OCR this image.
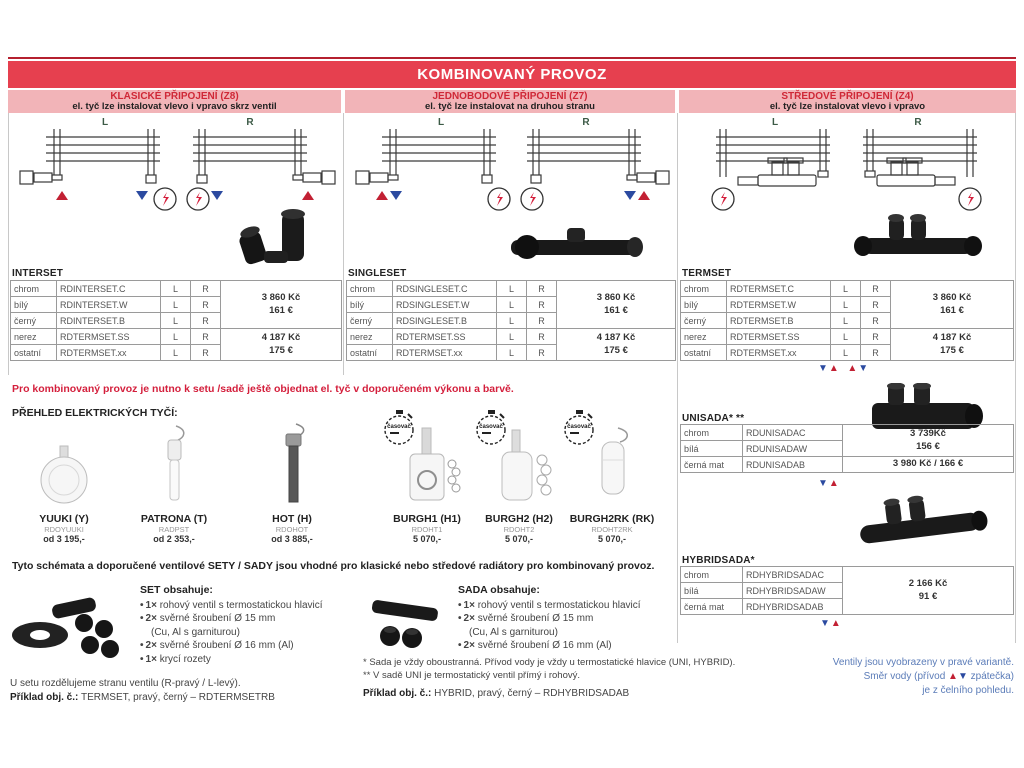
KOMBINOVANÝ PROVOZ
KLASICKÉ PŘIPOJENÍ (Z8)
el. tyč lze instalovat vlevo i vpravo skrz ventil
JEDNOBODOVÉ PŘIPOJENÍ (Z7)
el. tyč lze instalovat na druhou stranu
STŘEDOVÉ PŘIPOJENÍ (Z4)
el. tyč lze instalovat vlevo i vpravo
L	R	L	R	L	R
INTERSET
chrom	RDINTERSET.C	L	R	3 860 Kč
161 €

bílý	RDINTERSET.W	L	R	
černý	RDINTERSET.B	L	R	
nerez	RDTERMSET.SS	L	R	4 187 Kč
175 €

ostatní	RDTERMSET.xx	L	R	
SINGLESET
chrom	RDSINGLESET.C	L	R	3 860 Kč
161 €

bílý	RDSINGLESET.W	L	R	
černý	RDSINGLESET.B	L	R	
nerez	RDTERMSET.SS	L	R	4 187 Kč
175 €

ostatní	RDTERMSET.xx	L	R	
TERMSET
chrom	RDTERMSET.C	L	R	3 860 Kč
161 €

bílý	RDTERMSET.W	L	R	
černý	RDTERMSET.B	L	R	
nerez	RDTERMSET.SS	L	R	4 187 Kč
175 €

ostatní	RDTERMSET.xx	L	R	
▼▲ ▲▼
Pro kombinovaný provoz je nutno k setu /sadě ještě objednat el. tyč v doporučeném výkonu a barvě.
PŘEHLED ELEKTRICKÝCH TYČÍ:
YUUKI (Y)
RDOYUUKI
od 3 195,-
PATRONA (T)
RADPST
od 2 353,-
HOT (H)
RDOHOT
od 3 885,-
časovač
BURGH1 (H1)
RDOHT1
5 070,-
časovač
BURGH2 (H2)
RDOHT2
5 070,-
časovač
BURGH2RK (RK)
RDOHT2RK
5 070,-
UNISADA* **
chrom	RDUNISADAC	3 739Kč
156 €

bílá	RDUNISADAW	
černá mat	RDUNISADAB	3 980 Kč / 166 €
▼▲
HYBRIDSADA*
chrom	RDHYBRIDSADAC	2 166 Kč
91 €

bílá	RDHYBRIDSADAW	
černá mat	RDHYBRIDSADAB	
▼▲
Tyto schémata a doporučené ventilové SETY / SADY jsou vhodné pro klasické nebo středové radiátory pro kombinovaný provoz.
SET obsahuje:
• 1× rohový ventil s termostatickou hlavicí
• 2× svěrné šroubení Ø 15 mm
(Cu, Al s garniturou)
• 2× svěrné šroubení Ø 16 mm (Al)
• 1× krycí rozety
SADA obsahuje:
• 1× rohový ventil s termostatickou hlavicí
• 2× svěrné šroubení Ø 15 mm
(Cu, Al s garniturou)
• 2× svěrné šroubení Ø 16 mm (Al)
* Sada je vždy oboustranná. Přívod vody je vždy u termostatické hlavice (UNI, HYBRID).
** V sadě UNI je termostatický ventil přímý i rohový.
Příklad obj. č.: HYBRID, pravý, černý – RDHYBRIDSADAB
U setu rozdělujeme stranu ventilu (R-pravý / L-levý).
Příklad obj. č.: TERMSET, pravý, černý – RDTERMSETRB
Ventily jsou vyobrazeny v pravé variantě.
Směr vody (přívod ▲▼ zpátečka)
je z čelního pohledu.
